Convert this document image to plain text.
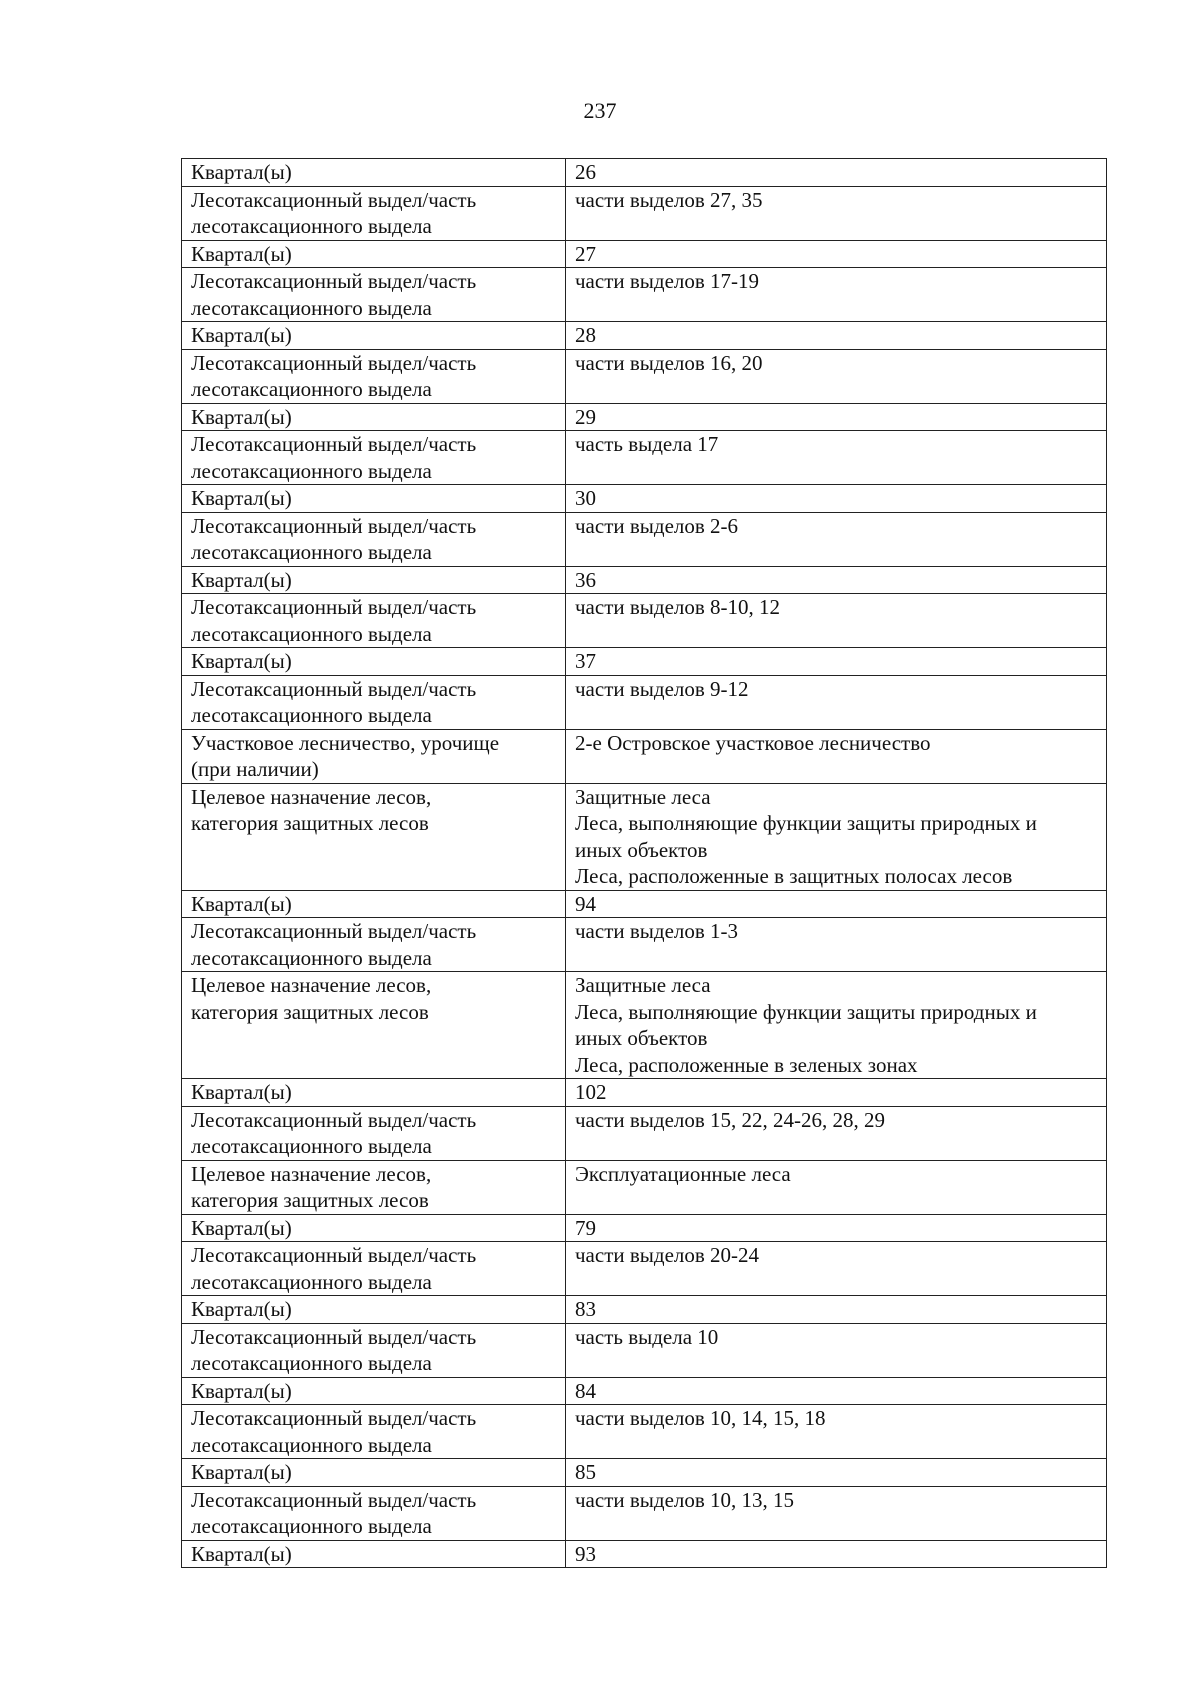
237
Квартал(ы)	26

Лесотаксационный выдел/часть
лесотаксационного выдела	части выделов 27, 35

Квартал(ы)	27

Лесотаксационный выдел/часть
лесотаксационного выдела	части выделов 17-19

Квартал(ы)	28

Лесотаксационный выдел/часть
лесотаксационного выдела	части выделов 16, 20

Квартал(ы)	29

Лесотаксационный выдел/часть
лесотаксационного выдела	часть выдела 17

Квартал(ы)	30

Лесотаксационный выдел/часть
лесотаксационного выдела	части выделов 2-6

Квартал(ы)	36

Лесотаксационный выдел/часть
лесотаксационного выдела	части выделов 8-10, 12

Квартал(ы)	37

Лесотаксационный выдел/часть
лесотаксационного выдела	части выделов 9-12

Участковое лесничество, урочище
(при наличии)	2-е Островское участковое лесничество

Целевое назначение лесов,
категория защитных лесов	Защитные леса
Леса, выполняющие функции защиты природных и
иных объектов
Леса, расположенные в защитных полосах лесов

Квартал(ы)	94

Лесотаксационный выдел/часть
лесотаксационного выдела	части выделов 1-3

Целевое назначение лесов,
категория защитных лесов	Защитные леса
Леса, выполняющие функции защиты природных и
иных объектов
Леса, расположенные в зеленых зонах

Квартал(ы)	102

Лесотаксационный выдел/часть
лесотаксационного выдела	части выделов 15, 22, 24-26, 28, 29

Целевое назначение лесов,
категория защитных лесов	Эксплуатационные леса

Квартал(ы)	79

Лесотаксационный выдел/часть
лесотаксационного выдела	части выделов 20-24

Квартал(ы)	83

Лесотаксационный выдел/часть
лесотаксационного выдела	часть выдела 10

Квартал(ы)	84

Лесотаксационный выдел/часть
лесотаксационного выдела	части выделов 10, 14, 15, 18

Квартал(ы)	85

Лесотаксационный выдел/часть
лесотаксационного выдела	части выделов 10, 13, 15

Квартал(ы)	93
